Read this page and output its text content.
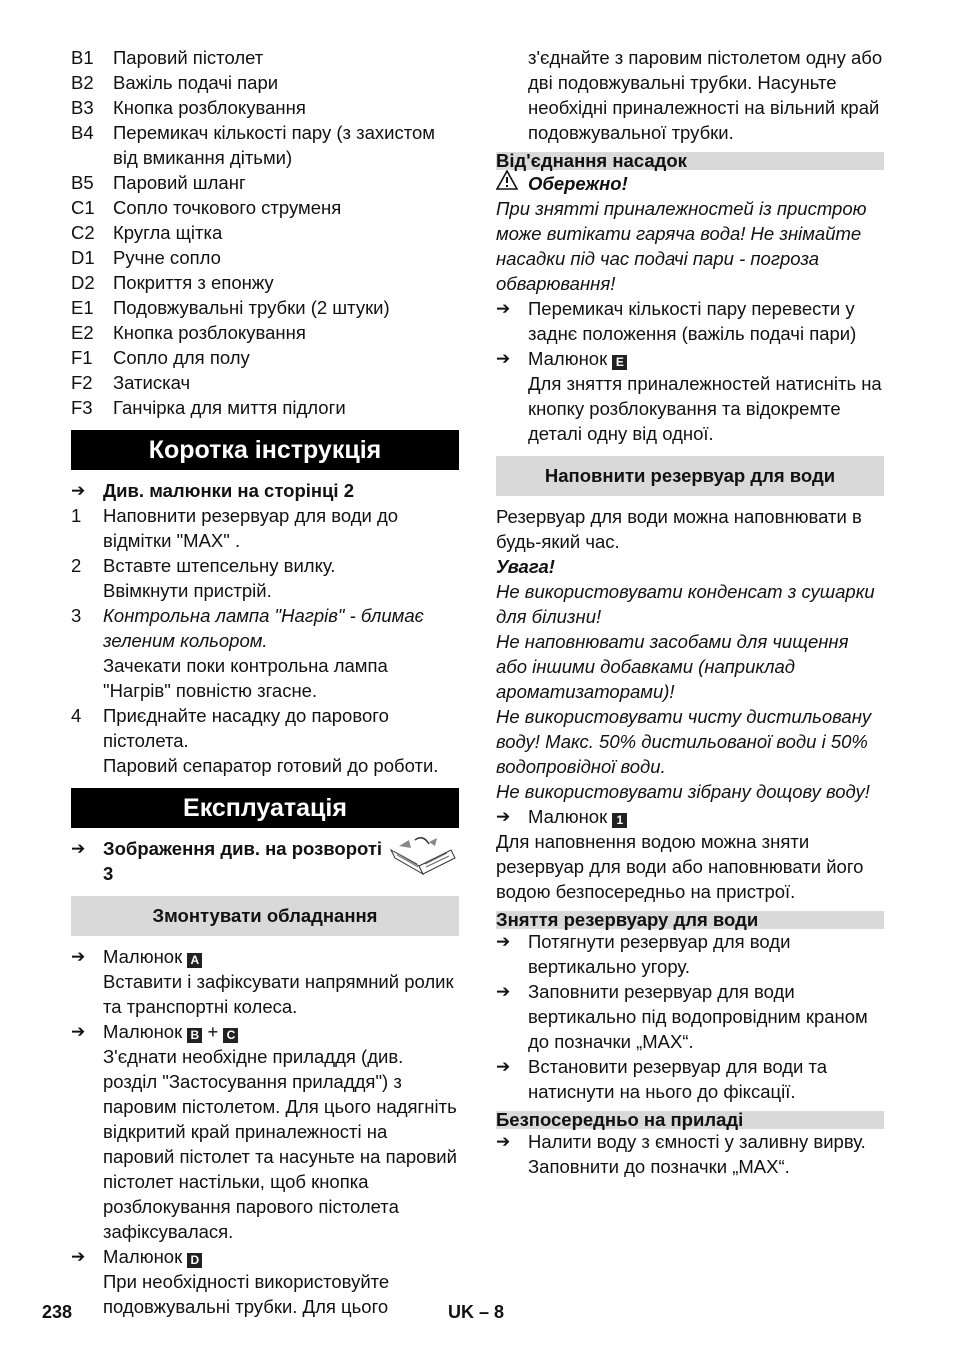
B1	Паровий пістолет
B2	Важіль подачі пари
B3	Кнопка розблокування
B4	Перемикач кількості пару (з захистом від вмикання дітьми)
B5	Паровий шланг
C1 Сопло точкового струменя
C2 Кругла щітка
D1 Ручне сопло
D2 Покриття з епонжу
E1	Подовжувальні трубки (2 штуки)
E2	Кнопка розблокування
F1	Сопло для полу
F2	Затискач
F3	Ганчірка для миття підлоги
Коротка інструкція
➔ Див. малюнки на сторінці 2
1	Наповнити резервуар для води до відмітки "MAX" .
2	Вставте штепсельну вилку.
Ввімкнути пристрій.
3	Контрольна лампа "Нагрів" - блимає зеленим кольором.
Зачекати поки контрольна лампа "Нагрів" повністю згасне.
4	Приєднайте насадку до парового пістолета.
Паровий сепаратор готовий до роботи.
Експлуатація
➔ Зображення див. на розвороті 3
Змонтувати обладнання
➔ Малюнок A
Вставити і зафіксувати напрямний ролик та транспортні колеса.
➔ Малюнок B + C
З'єднати необхідне приладдя (див. розділ "Застосування приладдя") з паровим пістолетом. Для цього надягніть відкритий край приналежності на паровий пістолет та насуньте на паровий пістолет настільки, щоб кнопка розблокування парового пістолета зафіксувалася.
➔ Малюнок D
При необхідності використовуйте подовжувальні трубки. Для цього
з'єднайте з паровим пістолетом одну або дві подовжувальні трубки. Насуньте необхідні приналежності на вільний край подовжувальної трубки.
Від'єднання насадок
Обережно!
При знятті приналежностей із пристрою може витікати гаряча вода! Не знімайте насадки під час подачі пари - погроза обварювання!
➔ Перемикач кількості пару перевести у заднє положення (важіль подачі пари)
➔ Малюнок E
Для зняття приналежностей натисніть на кнопку розблокування та відокремте деталі одну від одної.
Наповнити резервуар для води
Резервуар для води можна наповнювати в будь-який час.
Увага!
Не використовувати конденсат з сушарки для білизни!
Не наповнювати засобами для чищення або іншими добавками (наприклад ароматизаторами)!
Не використовувати чисту дистильовану воду! Макс. 50% дистильованої води і 50% водопровідної води.
Не використовувати зібрану дощову воду!
➔ Малюнок 1
Для наповнення водою можна зняти резервуар для води або наповнювати його водою безпосередньо на пристрої.
Зняття резервуару для води
➔ Потягнути резервуар для води вертикально угору.
➔ Заповнити резервуар для води вертикально під водопровідним краном до позначки „MAX“.
➔ Встановити резервуар для води та натиснути на нього до фіксації.
Безпосередньо на приладі
➔ Налити воду з ємності у заливну вирву. Заповнити до позначки „MAX“.
238	UK – 8
